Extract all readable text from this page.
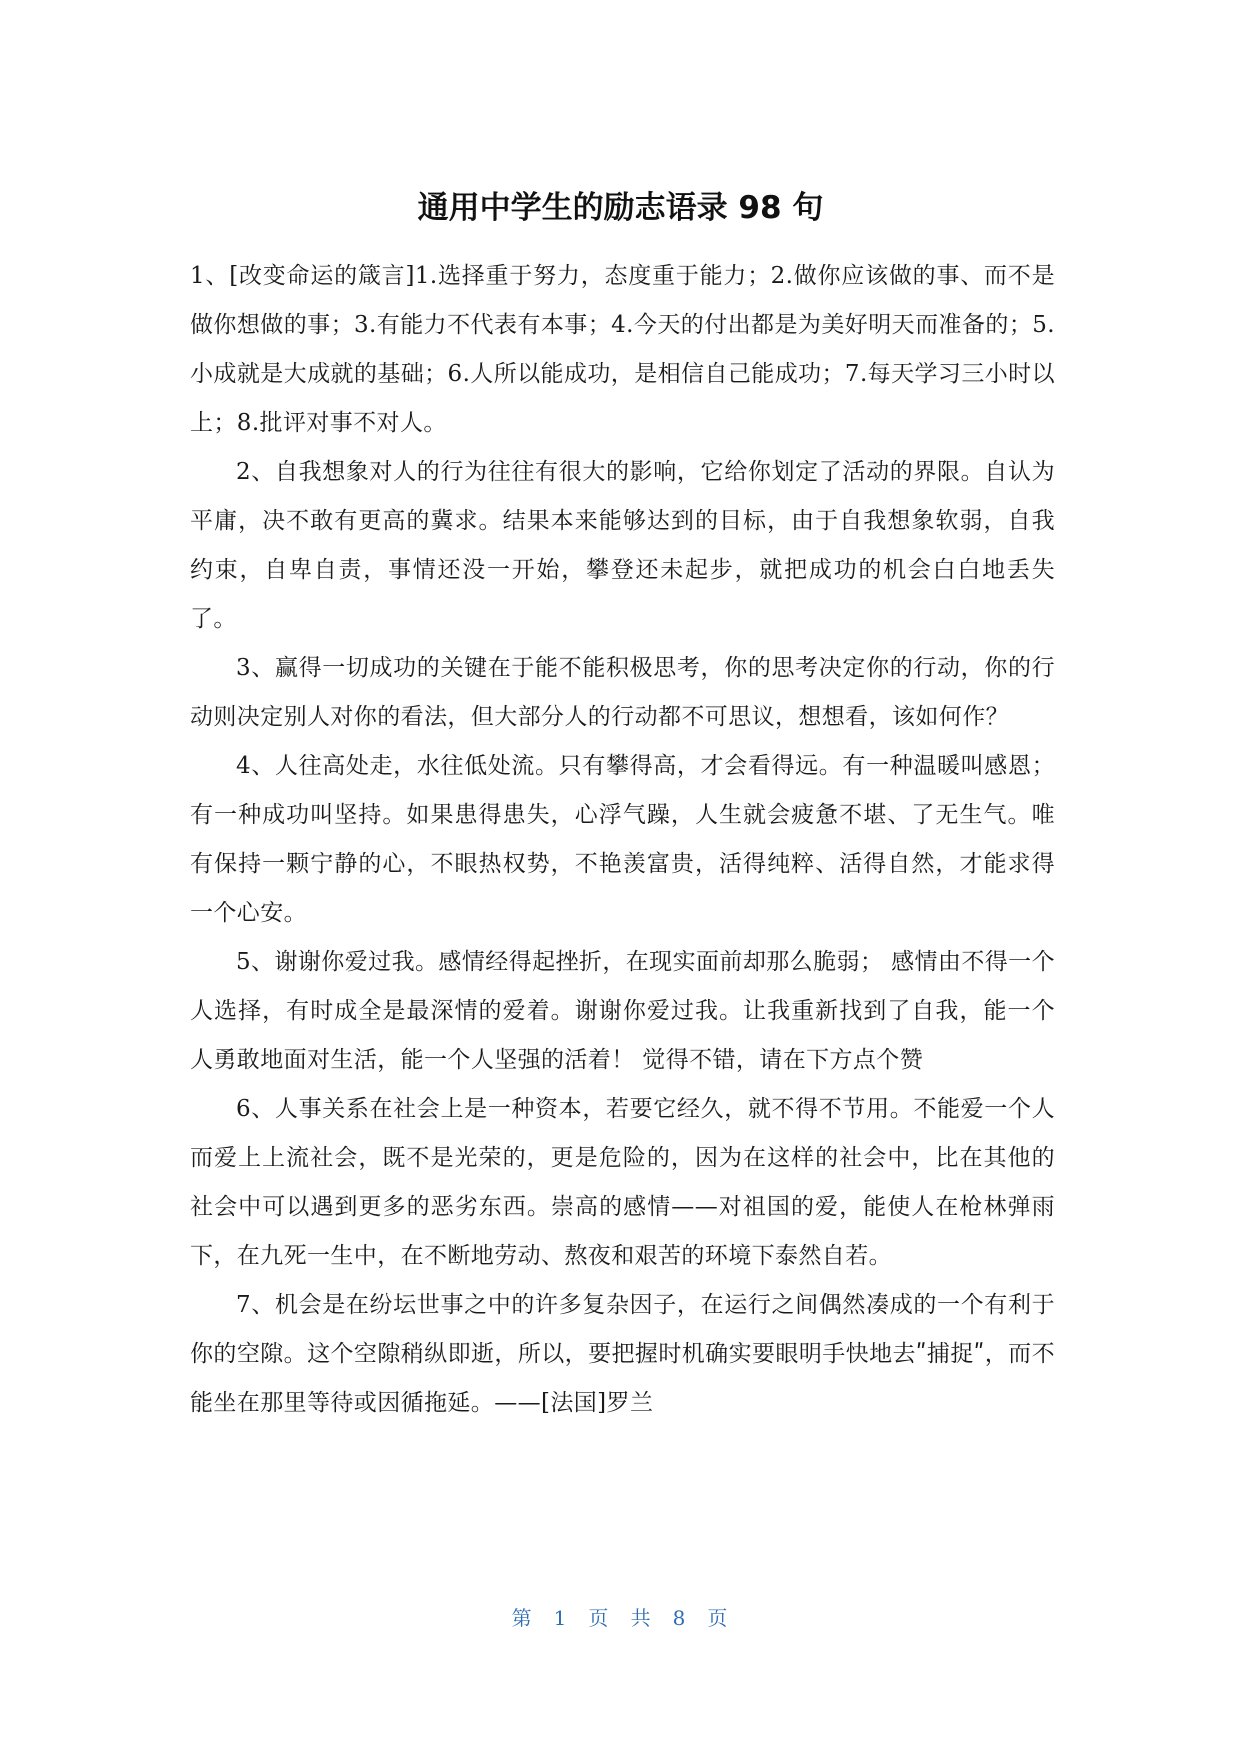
通用中学生的励志语录 98 句

1、[改变命运的箴言]1.选择重于努力，态度重于能力；2.做你应该做的事、而不是做你想做的事；3.有能力不代表有本事；4.今天的付出都是为美好明天而准备的；5.小成就是大成就的基础；6.人所以能成功，是相信自己能成功；7.每天学习三小时以上；8.批评对事不对人。

2、自我想象对人的行为往往有很大的影响，它给你划定了活动的界限。自认为平庸，决不敢有更高的冀求。结果本来能够达到的目标，由于自我想象软弱，自我约束，自卑自责，事情还没一开始，攀登还未起步，就把成功的机会白白地丢失了。

3、赢得一切成功的关键在于能不能积极思考，你的思考决定你的行动，你的行动则决定别人对你的看法，但大部分人的行动都不可思议，想想看，该如何作？

4、人往高处走，水往低处流。只有攀得高，才会看得远。有一种温暖叫感恩；有一种成功叫坚持。如果患得患失，心浮气躁，人生就会疲惫不堪、了无生气。唯有保持一颗宁静的心，不眼热权势，不艳羡富贵，活得纯粹、活得自然，才能求得一个心安。

5、谢谢你爱过我。感情经得起挫折，在现实面前却那么脆弱； 感情由不得一个人选择，有时成全是最深情的爱着。谢谢你爱过我。让我重新找到了自我，能一个人勇敢地面对生活，能一个人坚强的活着！ 觉得不错，请在下方点个赞

6、人事关系在社会上是一种资本，若要它经久，就不得不节用。不能爱一个人而爱上上流社会，既不是光荣的，更是危险的，因为在这样的社会中，比在其他的社会中可以遇到更多的恶劣东西。崇高的感情——对祖国的爱，能使人在枪林弹雨下，在九死一生中，在不断地劳动、熬夜和艰苦的环境下泰然自若。

7、机会是在纷坛世事之中的许多复杂因子，在运行之间偶然凑成的一个有利于你的空隙。这个空隙稍纵即逝，所以，要把握时机确实要眼明手快地去ʺ捕捉ʺ，而不能坐在那里等待或因循拖延。——[法国]罗兰

第 1 页 共 8 页
